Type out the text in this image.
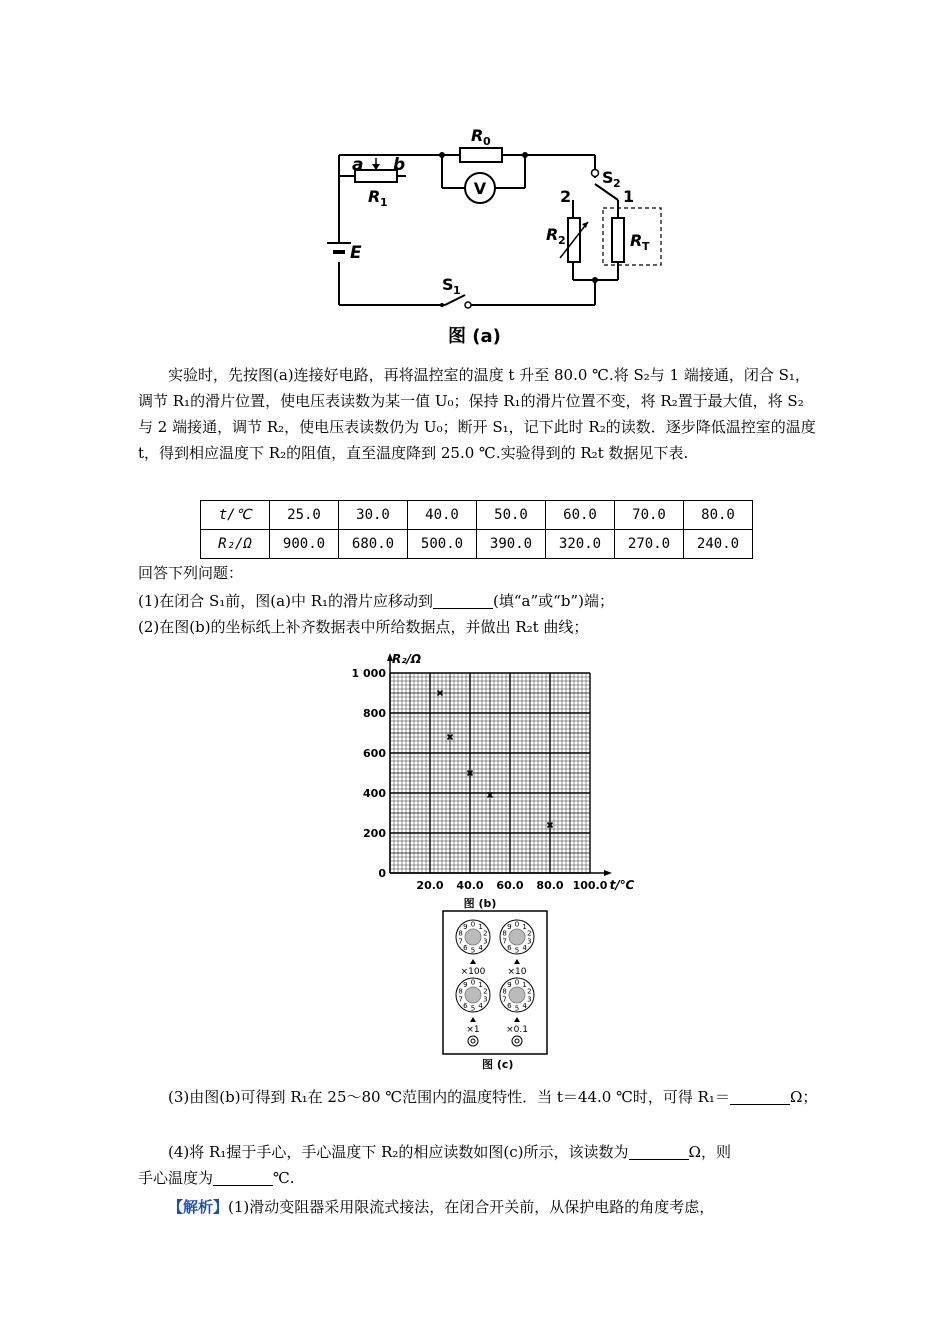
V
a b
R 1
R 0
S 2
1
2
R 2	R T
E
S 1
图 (a)
实验时，先按图(a)连接好电路，再将温控室的温度 t 升至 80.0 ℃.将 S₂与 1 端接通，闭合 S₁，调节 R₁的滑片位置，使电压表读数为某一值 U₀；保持 R₁的滑片位置不变，将 R₂置于最大值，将 S₂与 2 端接通，调节 R₂，使电压表读数仍为 U₀；断开 S₁，记下此时 R₂的读数．逐步降低温控室的温度 t，得到相应温度下 R₂的阻值，直至温度降到 25.0 ℃.实验得到的 R₂t 数据见下表.
t/℃	25.0	30.0	40.0	50.0	60.0	70.0	80.0
R₂/Ω	900.0	680.0	500.0	390.0	320.0	270.0	240.0
回答下列问题：
(1)在闭合 S₁前，图(a)中 R₁的滑片应移动到	(填“a”或“b”)端；
(2)在图(b)的坐标纸上补齐数据表中所给数据点，并做出 R₂t 曲线；
0
200
400
600
800
1 000
20.0 40.0 60.0 80.0 100.0 t/℃
R₂/Ω
图 (b)
0 1
2
3
4
5
6
7
8
9
×100
0 1
2
3
4
5
6
7
8
9
×10
0 1
2
3
4
5
6
7
8
9
×1
0 1
2
3
4
5
6
7
8
9
×0.1
图 (c)
(3)由图(b)可得到 R₁在 25～80 ℃范围内的温度特性．当 t＝44.0 ℃时，可得 R₁＝	Ω；
(4)将 R₁握于手心，手心温度下 R₂的相应读数如图(c)所示，该读数为	Ω，则
手心温度为	℃.
【解析】(1)滑动变阻器采用限流式接法，在闭合开关前，从保护电路的角度考虑，
